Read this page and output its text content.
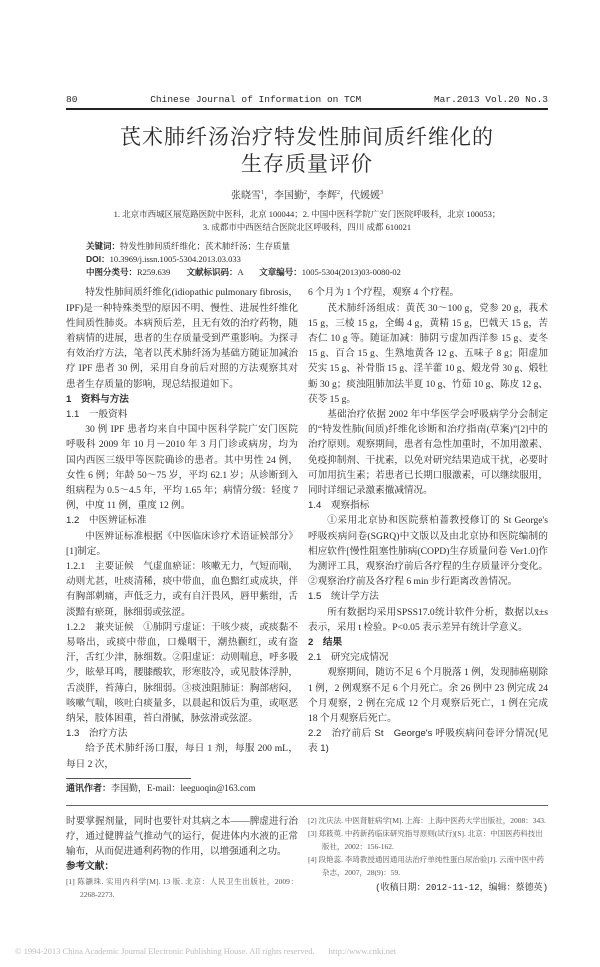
80	Chinese Journal of Information on TCM	Mar.2013 Vol.20 No.3
芪术肺纤汤治疗特发性肺间质纤维化的
生存质量评价
张晓雪$^1$，李国勤$^2$，李辉$^2$，代媛媛$^3$
1. 北京市西城区展览路医院中医科，北京 100044；2. 中国中医科学院广安门医院呼吸科，北京 100053；
3. 成都市中西医结合医院北区呼吸科，四川 成都 610021
关键词：特发性肺间质纤维化；芪术肺纤汤；生存质量
DOI：10.3969/j.issn.1005-5304.2013.03.033
中图分类号：R259.639 文献标识码：A 文章编号：1005-5304(2013)03-0080-02

特发性肺间质纤维化(idiopathic pulmonary fibrosis，IPF)是一种特殊类型的原因不明、慢性、进展性纤维化性间质性肺炎。本病预后差，且无有效的治疗药物，随着病情的进展，患者的生存质量受到严重影响。为探寻有效治疗方法，笔者以芪术肺纤汤为基础方随证加减治疗 IPF 患者 30 例，采用自身前后对照的方法观察其对患者生存质量的影响，现总结报道如下。

1　资料与方法

1.1　一般资料

30 例 IPF 患者均来自中国中医科学院广安门医院呼吸科 2009 年 10 月－2010 年 3 月门诊或病房，均为国内西医三级甲等医院确诊的患者。其中男性 24 例，女性 6 例；年龄 50～75 岁，平均 62.1 岁；从诊断到入组病程为 0.5～4.5 年，平均 1.65 年；病情分级：轻度 7 例，中度 11 例，重度 12 例。

1.2　中医辨证标准

中医辨证标准根据《中医临床诊疗术语证候部分》[1]制定。

1.2.1　主要证候　气虚血瘀证：咳嗽无力，气短而喘，动则尤甚，吐痰清稀，痰中带血，血色黯红或成块，伴有胸部刺痛，声低乏力，或有自汗畏风，唇甲紫绀，舌淡黯有瘀斑，脉细弱或弦涩。

1.2.2　兼夹证候　①肺阴亏虚证：干咳少痰，或痰黏不易咯出，或痰中带血，口燥咽干，潮热颧红，或有盗汗，舌红少津，脉细数。②阳虚证：动则喘息，呼多吸少，眩晕耳鸣，腰膝酸软，形寒肢冷，或见肢体浮肿，舌淡胖，苔薄白，脉细弱。③痰浊阻肺证：胸部痞闷，咳嗽气喘，咳吐白痰量多，以晨起和饭后为重，或呕恶纳呆，肢体困重，苔白滑腻，脉弦滑或弦涩。

1.3　治疗方法

给予芪术肺纤汤口服，每日 1 剂，每服 200 mL，每日 2 次，

通讯作者：李国勤，E-mail：leeguoqin@163.com

6 个月为 1 个疗程，观察 4 个疗程。

芪术肺纤汤组成：黄芪 30～100 g，党参 20 g，莪术 15 g，三棱 15 g，全蝎 4 g，黄精 15 g，巴戟天 15 g，苦杏仁 10 g 等。随证加减：肺阴亏虚加西洋参 15 g、麦冬 15 g、百合 15 g、生熟地黄各 12 g、五味子 8 g；阳虚加芡实 15 g、补骨脂 15 g、淫羊藿 10 g、煅龙骨 30 g、煅牡蛎 30 g；痰浊阻肺加法半夏 10 g、竹茹 10 g、陈皮 12 g、茯苓 15 g。

基础治疗依据 2002 年中华医学会呼吸病学分会制定的“特发性肺(间质)纤维化诊断和治疗指南(草案)”[2]中的治疗原则。观察期间，患者有急性加重时，不加用激素、免疫抑制剂、干扰素，以免对研究结果造成干扰，必要时可加用抗生素；若患者已长期口服激素，可以继续服用，同时详细记录激素撤减情况。

1.4　观察指标

①采用北京协和医院蔡柏蔷教授修订的 St George's 呼吸疾病问卷(SGRQ)中文版以及由北京协和医院编制的相应软件[慢性阻塞性肺病(COPD)生存质量问卷 Ver1.0]作为测评工具，观察治疗前后各疗程的生存质量评分变化。②观察治疗前及各疗程 6 min 步行距离改善情况。

1.5　统计学方法

所有数据均采用SPSS17.0统计软件分析，数据以x̄±s表示，采用 t 检验。P<0.05 表示差异有统计学意义。

2　结果

2.1　研究完成情况

观察期间，随访不足 6 个月脱落 1 例，发现肺癌剔除 1 例，2 例观察不足 6 个月死亡。余 26 例中 23 例完成 24 个月观察，2 例在完成 12 个月观察后死亡，1 例在完成 18 个月观察后死亡。

2.2　治疗前后 St　George's 呼吸疾病问卷评分情况(见表 1)

时要掌握剂量，同时也要针对其病之本——脾虚进行治疗，通过健脾益气推动气的运行，促进体内水液的正常输布，从而促进通利药物的作用，以增强通利之功。

参考文献：

[1] 陈灏珠. 实用内科学[M]. 13 版. 北京：人民卫生出版社，2009：2268-2273.

[2] 沈庆法. 中医肾脏病学[M]. 上海：上海中医药大学出版社，2008：343.

[3] 郑筱萸. 中药新药临床研究指导原则(试行)[S]. 北京：中国医药科技出版社，2002：156-162.

[4] 段艳蕊. 李琦教授通因通用法治疗单纯性蛋白尿治验[J]. 云南中医中药杂志，2007，28(9)：59.

(收稿日期：2012-11-12，编辑：蔡德英)
© 1994-2013 China Academic Journal Electronic Publishing House. All rights reserved. http://www.cnki.net
